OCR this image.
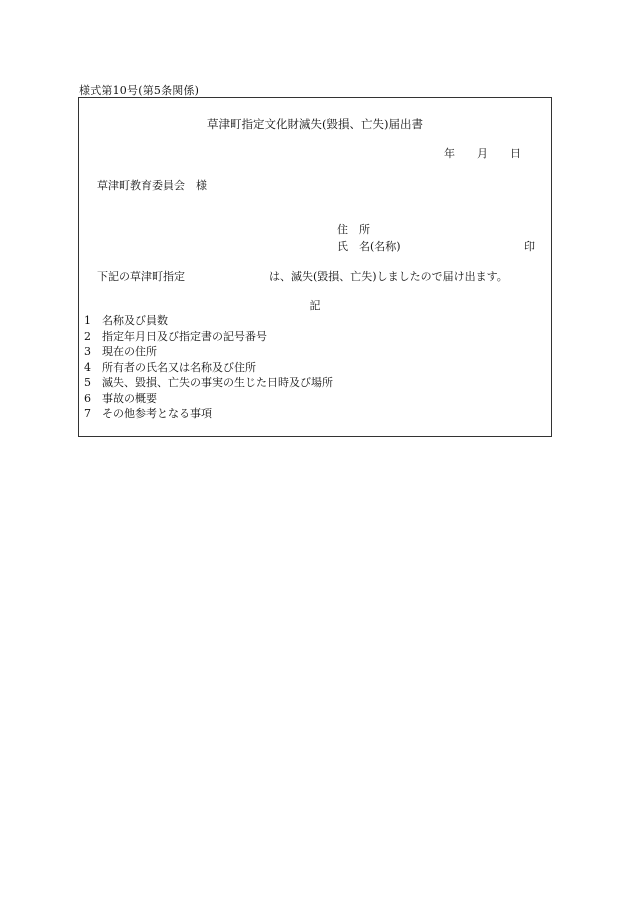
様式第10号(第5条関係)
草津町指定文化財滅失(毀損、亡失)届出書
年 月 日
草津町教育委員会　様
住　所
氏　名(名称)	印
下記の草津町指定	は、滅失(毀損、亡失)しましたので届け出ます。
記
1	名称及び員数
2	指定年月日及び指定書の記号番号
3	現在の住所
4	所有者の氏名又は名称及び住所
5	滅失、毀損、亡失の事実の生じた日時及び場所
6	事故の概要
7	その他参考となる事項
